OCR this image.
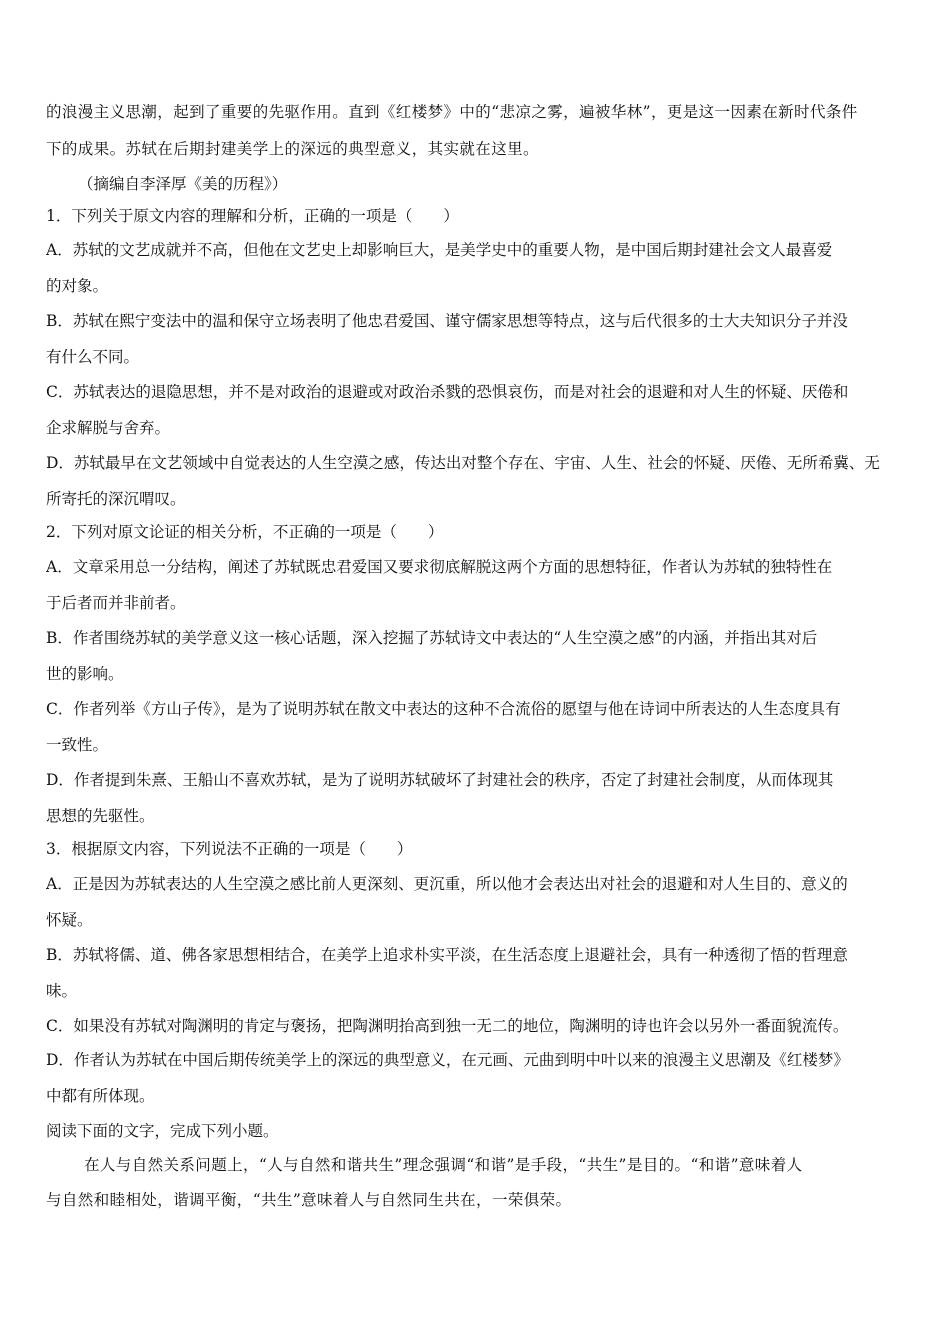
的浪漫主义思潮，起到了重要的先驱作用。直到《红楼梦》中的“悲凉之雾，遍被华林”，更是这一因素在新时代条件
下的成果。苏轼在后期封建美学上的深远的典型意义，其实就在这里。
（摘编自李泽厚《美的历程》）
1．下列关于原文内容的理解和分析，正确的一项是（　　）
A．苏轼的文艺成就并不高，但他在文艺史上却影响巨大，是美学史中的重要人物，是中国后期封建社会文人最喜爱
的对象。
B．苏轼在熙宁变法中的温和保守立场表明了他忠君爱国、谨守儒家思想等特点，这与后代很多的士大夫知识分子并没
有什么不同。
C．苏轼表达的退隐思想，并不是对政治的退避或对政治杀戮的恐惧哀伤，而是对社会的退避和对人生的怀疑、厌倦和
企求解脱与舍弃。
D．苏轼最早在文艺领域中自觉表达的人生空漠之感，传达出对整个存在、宇宙、人生、社会的怀疑、厌倦、无所希冀、无
所寄托的深沉喟叹。
2．下列对原文论证的相关分析，不正确的一项是（　　）
A．文章采用总一分结构，阐述了苏轼既忠君爱国又要求彻底解脱这两个方面的思想特征，作者认为苏轼的独特性在
于后者而并非前者。
B．作者围绕苏轼的美学意义这一核心话题，深入挖掘了苏轼诗文中表达的“人生空漠之感”的内涵，并指出其对后
世的影响。
C．作者列举《方山子传》，是为了说明苏轼在散文中表达的这种不合流俗的愿望与他在诗词中所表达的人生态度具有
一致性。
D．作者提到朱熹、王船山不喜欢苏轼，是为了说明苏轼破坏了封建社会的秩序，否定了封建社会制度，从而体现其
思想的先驱性。
3．根据原文内容，下列说法不正确的一项是（　　）
A．正是因为苏轼表达的人生空漠之感比前人更深刻、更沉重，所以他才会表达出对社会的退避和对人生目的、意义的
怀疑。
B．苏轼将儒、道、佛各家思想相结合，在美学上追求朴实平淡，在生活态度上退避社会，具有一种透彻了悟的哲理意
味。
C．如果没有苏轼对陶渊明的肯定与褒扬，把陶渊明抬高到独一无二的地位，陶渊明的诗也许会以另外一番面貌流传。
D．作者认为苏轼在中国后期传统美学上的深远的典型意义，在元画、元曲到明中叶以来的浪漫主义思潮及《红楼梦》
中都有所体现。
阅读下面的文字，完成下列小题。
在人与自然关系问题上，“人与自然和谐共生”理念强调“和谐”是手段，“共生”是目的。“和谐”意味着人
与自然和睦相处，谐调平衡，“共生”意味着人与自然同生共在，一荣俱荣。
